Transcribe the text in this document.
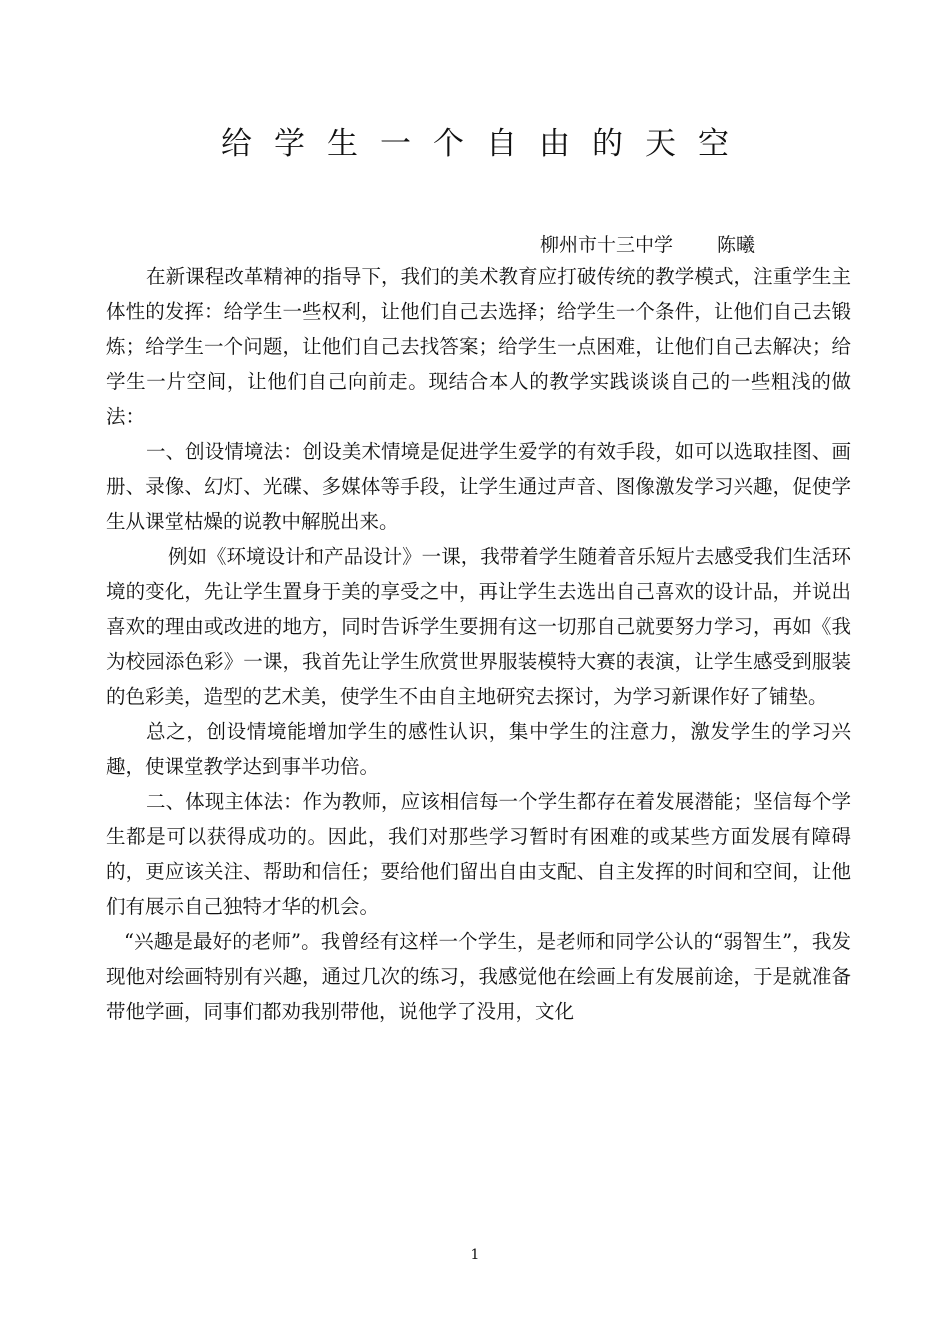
给学生一个自由的天空
柳州市十三中学 陈曦

在新课程改革精神的指导下，我们的美术教育应打破传统的教学模式，注重学生主体性的发挥：给学生一些权利，让他们自己去选择；给学生一个条件，让他们自己去锻炼；给学生一个问题，让他们自己去找答案；给学生一点困难，让他们自己去解决；给学生一片空间，让他们自己向前走。现结合本人的教学实践谈谈自己的一些粗浅的做法：

一、创设情境法：创设美术情境是促进学生爱学的有效手段，如可以选取挂图、画册、录像、幻灯、光碟、多媒体等手段，让学生通过声音、图像激发学习兴趣，促使学生从课堂枯燥的说教中解脱出来。

例如《环境设计和产品设计》一课，我带着学生随着音乐短片去感受我们生活环境的变化，先让学生置身于美的享受之中，再让学生去选出自己喜欢的设计品，并说出喜欢的理由或改进的地方，同时告诉学生要拥有这一切那自己就要努力学习，再如《我为校园添色彩》一课，我首先让学生欣赏世界服装模特大赛的表演，让学生感受到服装的色彩美，造型的艺术美，使学生不由自主地研究去探讨，为学习新课作好了铺垫。

总之，创设情境能增加学生的感性认识，集中学生的注意力，激发学生的学习兴趣，使课堂教学达到事半功倍。

二、体现主体法：作为教师，应该相信每一个学生都存在着发展潜能；坚信每个学生都是可以获得成功的。因此，我们对那些学习暂时有困难的或某些方面发展有障碍的，更应该关注、帮助和信任；要给他们留出自由支配、自主发挥的时间和空间，让他们有展示自己独特才华的机会。

“兴趣是最好的老师”。我曾经有这样一个学生，是老师和同学公认的“弱智生”，我发现他对绘画特别有兴趣，通过几次的练习，我感觉他在绘画上有发展前途，于是就准备带他学画，同事们都劝我别带他，说他学了没用，文化

1
